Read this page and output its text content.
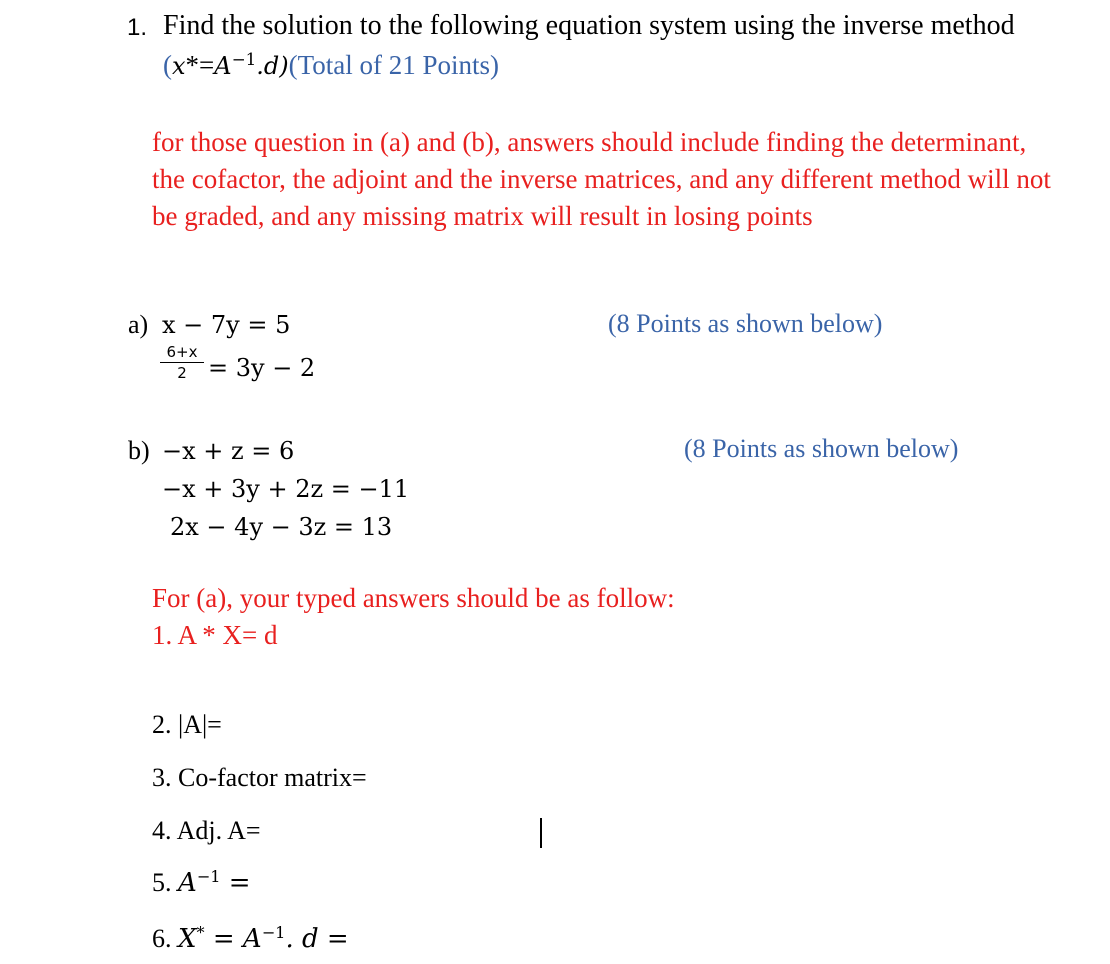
1. Find the solution to the following equation system using the inverse method
$(x*=A^{-1}.d)(Total$ of 21 Points)
for those question in (a) and (b), answers should include finding the determinant, the cofactor, the adjoint and the inverse matrices, and any different method will not be graded, and any missing matrix will result in losing points
a) x − 7y = 5	(8 Points as shown below)
6+x
2 = 3y − 2
b) −x + z = 6	(8 Points as shown below)
−x + 3y + 2z = −11
2x − 4y − 3z = 13
For (a), your typed answers should be as follow:
1. A * X= d
2. |A|=
3. Co-factor matrix=
4. Adj. A=
5. $A^{-1}$ =
6. $X^* = A^{-1}$. d =
